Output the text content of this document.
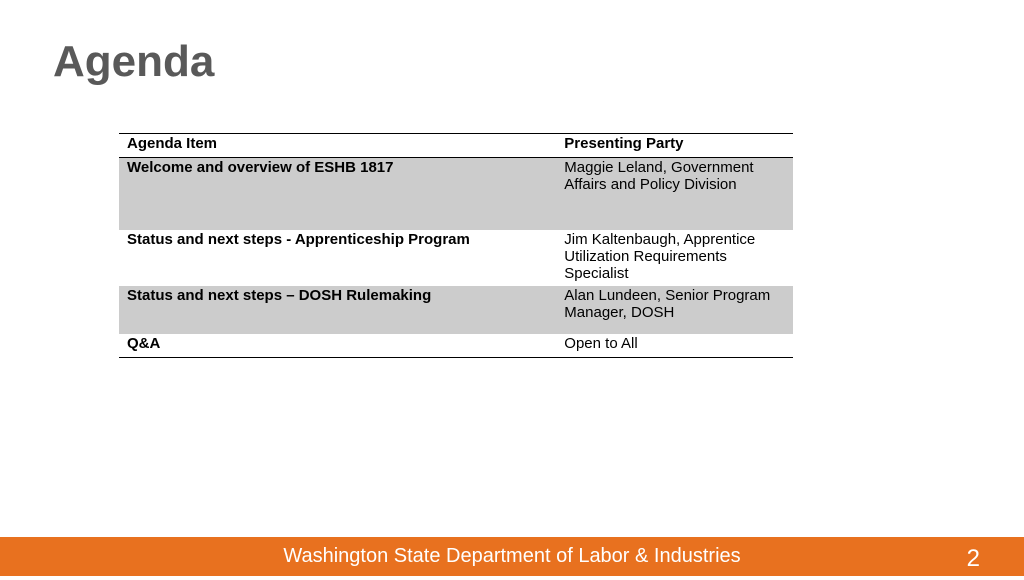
Agenda
Agenda Item	Presenting Party
Welcome and overview of ESHB 1817	Maggie Leland, Government Affairs and Policy Division
Status and next steps - Apprenticeship Program	Jim Kaltenbaugh, Apprentice Utilization Requirements Specialist
Status and next steps – DOSH Rulemaking	Alan Lundeen, Senior Program Manager, DOSH
Q&A	Open to All
Washington State Department of Labor & Industries	2
